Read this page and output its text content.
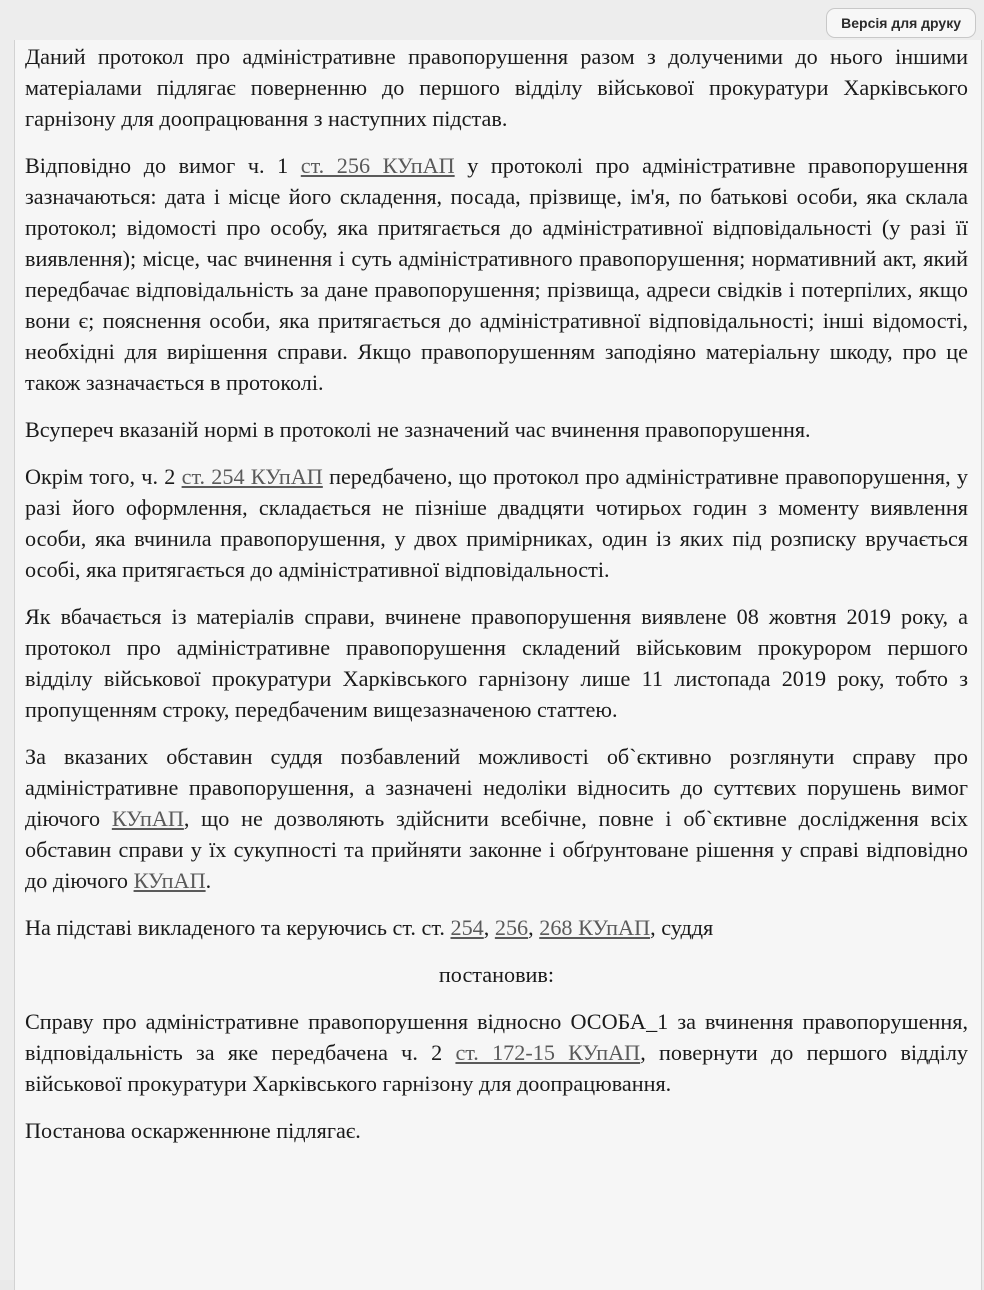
Версія для друку

Даний протокол про адміністративне правопорушення разом з долученими до нього іншими матеріалами підлягає поверненню до першого відділу військової прокуратури Харківського гарнізону для доопрацювання з наступних підстав.

Відповідно до вимог ч. 1 ст. 256 КУпАП у протоколі про адміністративне правопорушення зазначаються: дата і місце його складення, посада, прізвище, ім'я, по батькові особи, яка склала протокол; відомості про особу, яка притягається до адміністративної відповідальності (у разі її виявлення); місце, час вчинення і суть адміністративного правопорушення; нормативний акт, який передбачає відповідальність за дане правопорушення; прізвища, адреси свідків і потерпілих, якщо вони є; пояснення особи, яка притягається до адміністративної відповідальності; інші відомості, необхідні для вирішення справи. Якщо правопорушенням заподіяно матеріальну шкоду, про це також зазначається в протоколі.

Всупереч вказаній нормі в протоколі не зазначений час вчинення правопорушення.

Окрім того, ч. 2 ст. 254 КУпАП передбачено, що протокол про адміністративне правопорушення, у разі його оформлення, складається не пізніше двадцяти чотирьох годин з моменту виявлення особи, яка вчинила правопорушення, у двох примірниках, один із яких під розписку вручається особі, яка притягається до адміністративної відповідальності.

Як вбачається із матеріалів справи, вчинене правопорушення виявлене 08 жовтня 2019 року, а протокол про адміністративне правопорушення складений військовим прокурором першого відділу військової прокуратури Харківського гарнізону лише 11 листопада 2019 року, тобто з пропущенням строку, передбаченим вищезазначеною статтею.

За вказаних обставин суддя позбавлений можливості об`єктивно розглянути справу про адміністративне правопорушення, а зазначені недоліки відносить до суттєвих порушень вимог діючого КУпАП, що не дозволяють здійснити всебічне, повне і об`єктивне дослідження всіх обставин справи у їх сукупності та прийняти законне і обґрунтоване рішення у справі відповідно до діючого КУпАП.

На підставі викладеного та керуючись ст. ст. 254, 256, 268 КУпАП, суддя

постановив:

Справу про адміністративне правопорушення відносно ОСОБА_1 за вчинення правопорушення, відповідальність за яке передбачена ч. 2 ст. 172-15 КУпАП, повернути до першого відділу військової прокуратури Харківського гарнізону для доопрацювання.

Постанова оскарженнюне підлягає.
